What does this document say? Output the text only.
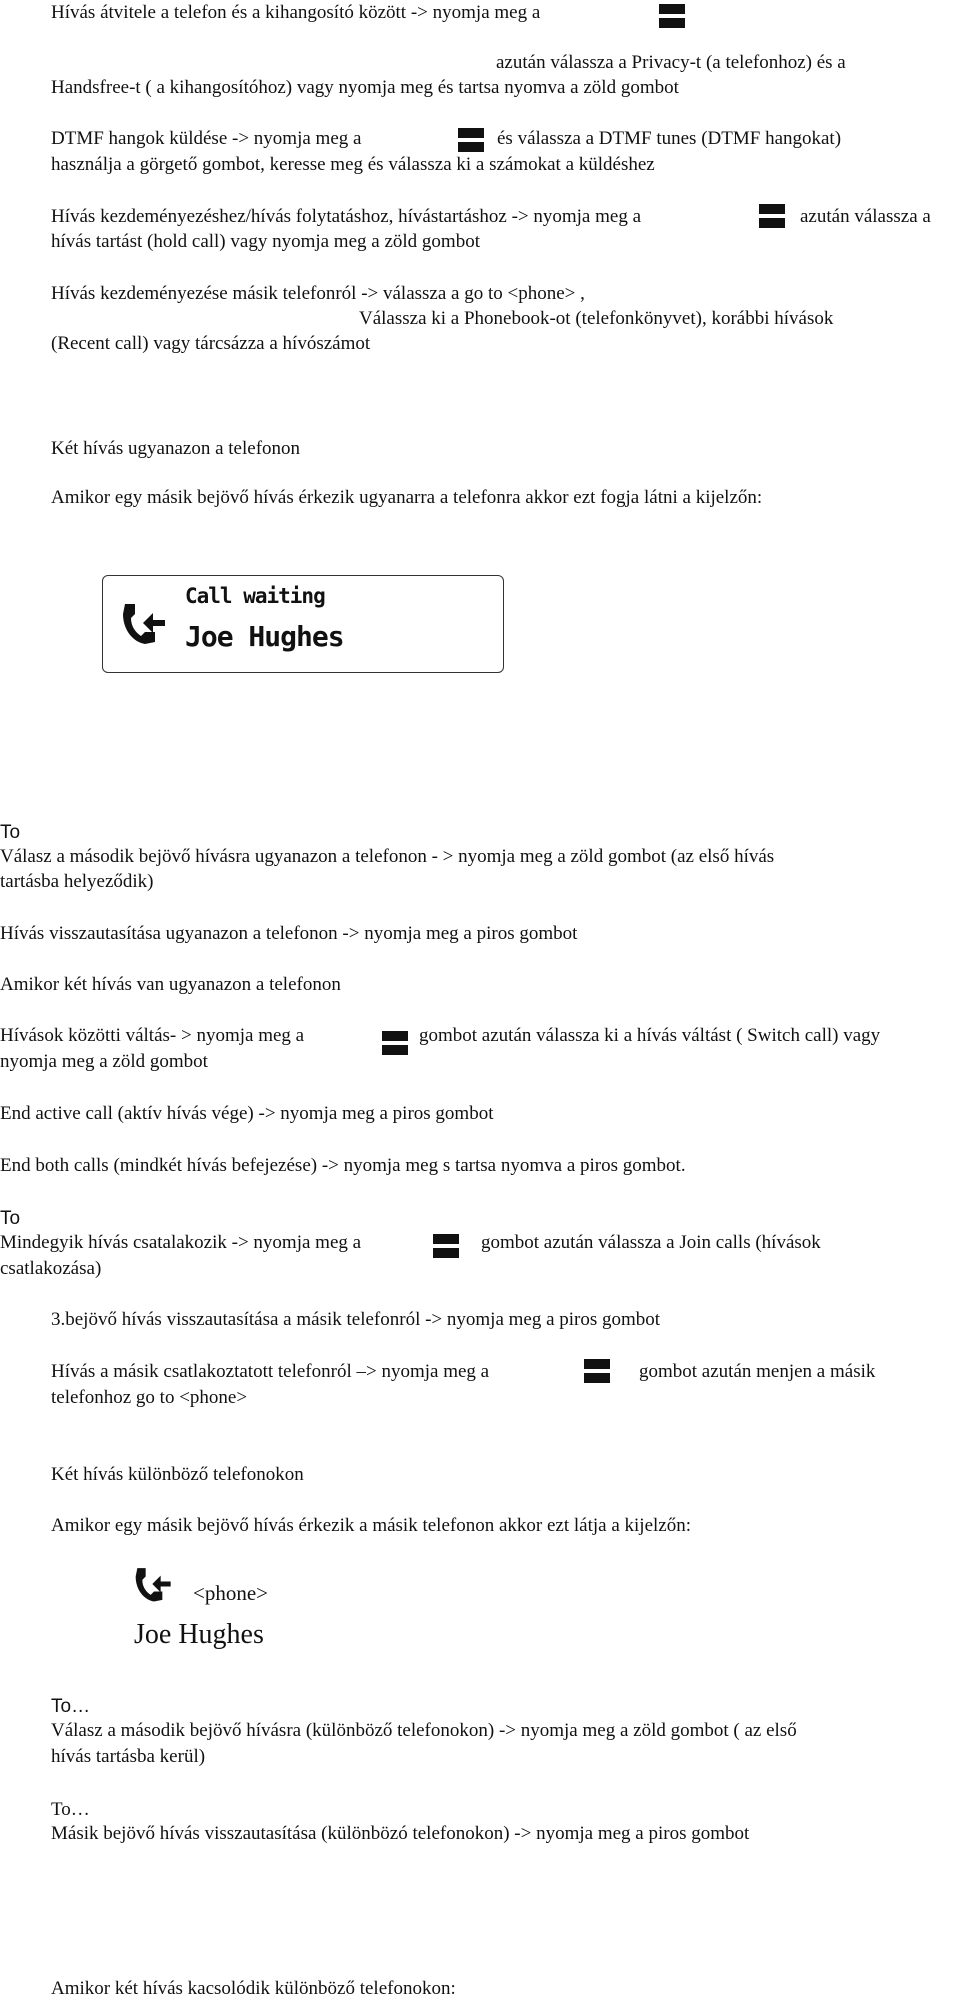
Hívás átvitele a telefon és a kihangosító között -> nyomja meg a
azután válassza a Privacy-t (a telefonhoz) és a
Handsfree-t ( a kihangosítóhoz) vagy nyomja meg és tartsa nyomva a zöld gombot
DTMF hangok küldése -> nyomja meg a	és válassza a DTMF tunes (DTMF hangokat)
használja a görgető gombot, keresse meg és válassza ki a számokat a küldéshez
Hívás kezdeményezéshez/hívás folytatáshoz, hívástartáshoz -> nyomja meg a	azután válassza a
hívás tartást (hold call) vagy nyomja meg a zöld gombot
Hívás kezdeményezése másik telefonról -> válassza a go to <phone> ,
Válassza ki a Phonebook-ot (telefonkönyvet), korábbi hívások
(Recent call) vagy tárcsázza a hívószámot
Két hívás ugyanazon a telefonon
Amikor egy másik bejövő hívás érkezik ugyanarra a telefonra akkor ezt fogja látni a kijelzőn:
Call waiting
Joe Hughes
To
Válasz a második bejövő hívásra ugyanazon a telefonon - > nyomja meg a zöld gombot (az első hívás
tartásba helyeződik)
Hívás visszautasítása ugyanazon a telefonon -> nyomja meg a piros gombot
Amikor két hívás van ugyanazon a telefonon
Hívások közötti váltás- > nyomja meg a	gombot azután válassza ki a hívás váltást ( Switch call) vagy
nyomja meg a zöld gombot
End active call (aktív hívás vége) -> nyomja meg a piros gombot
End both calls (mindkét hívás befejezése) -> nyomja meg s tartsa nyomva a piros gombot.
To
Mindegyik hívás csatalakozik -> nyomja meg a	gombot azután válassza a Join calls (hívások
csatlakozása)
3.bejövő hívás visszautasítása a másik telefonról -> nyomja meg a piros gombot
Hívás a másik csatlakoztatott telefonról –> nyomja meg a	gombot azután menjen a másik
telefonhoz go to <phone>
Két hívás különböző telefonokon
Amikor egy másik bejövő hívás érkezik a másik telefonon akkor ezt látja a kijelzőn:
<phone>
Joe Hughes
To…
Válasz a második bejövő hívásra (különböző telefonokon) -> nyomja meg a zöld gombot ( az első
hívás tartásba kerül)
To…
Másik bejövő hívás visszautasítása (különbözó telefonokon) -> nyomja meg a piros gombot
Amikor két hívás kacsolódik különböző telefonokon:
